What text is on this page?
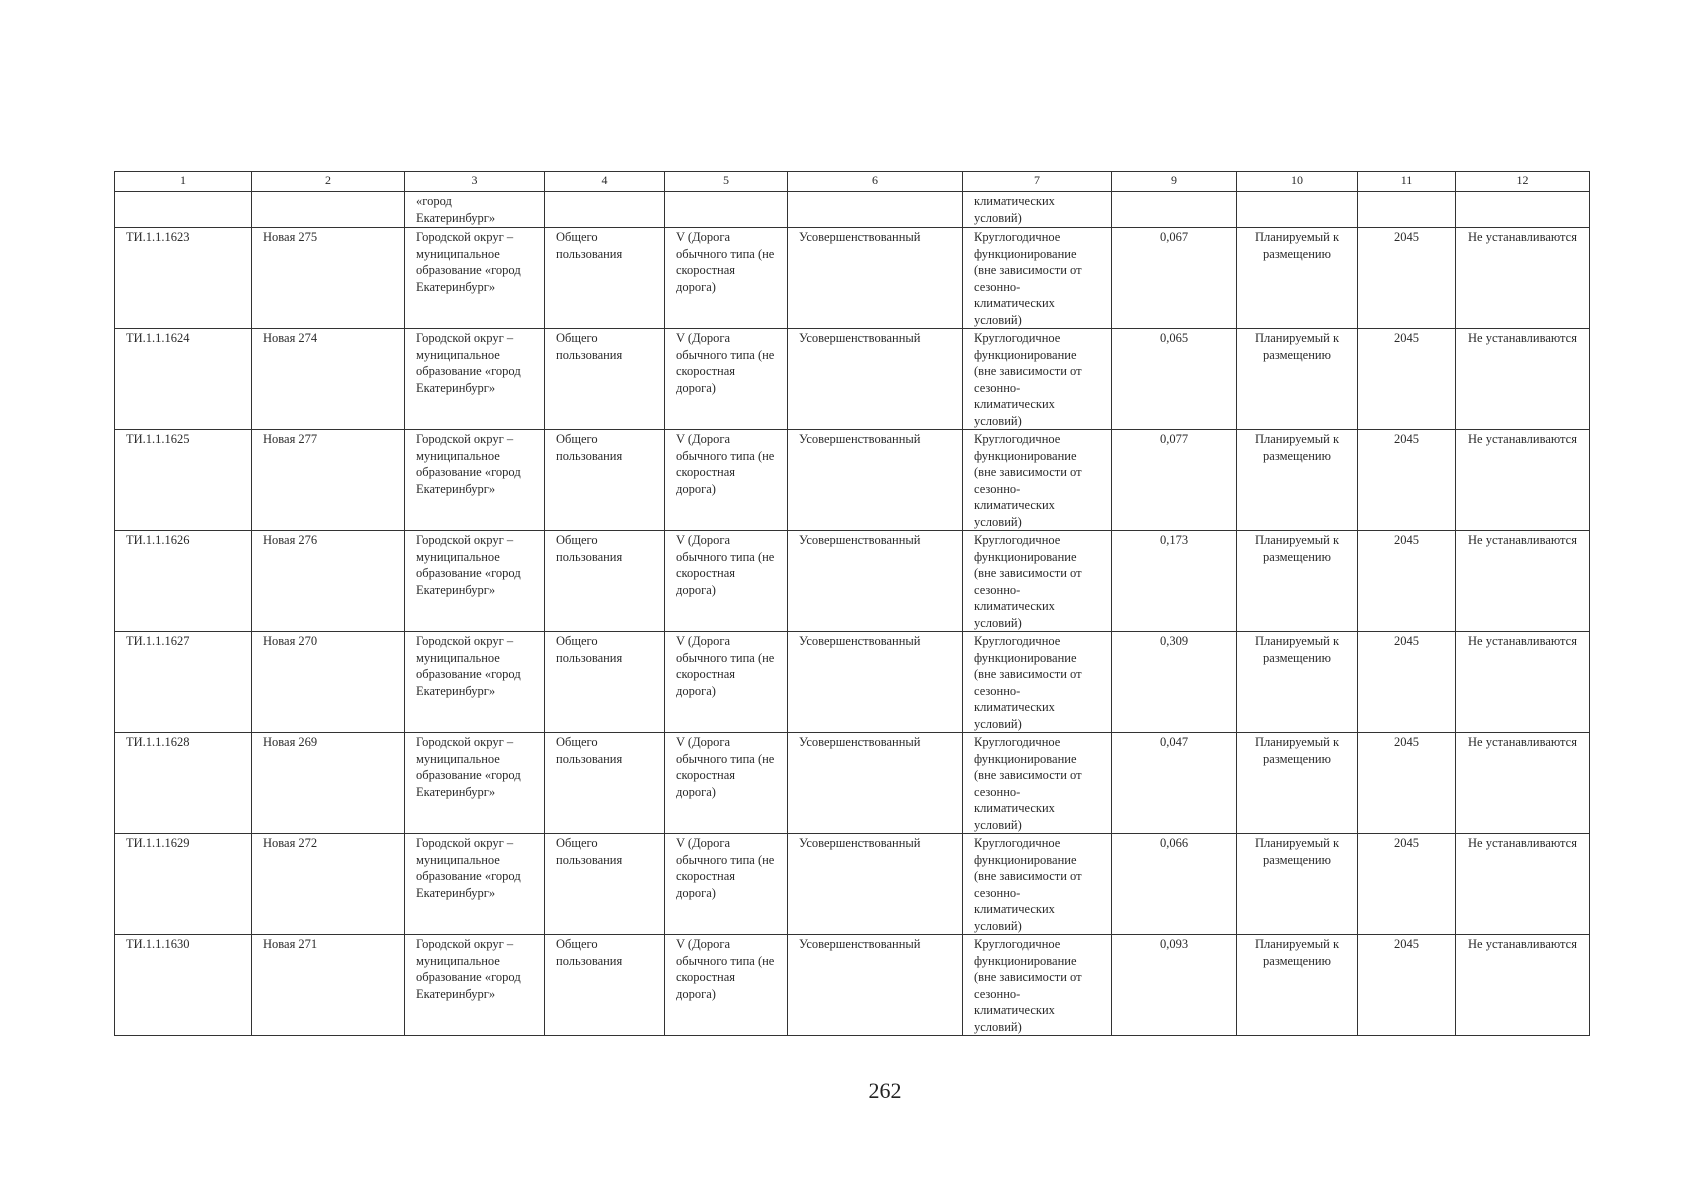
1	2	3	4	5	6	7	9	10	11	12
		«город Екатеринбург»				климатических условий)				
ТИ.1.1.1623	Новая 275	Городской округ – муниципальное образование «город Екатеринбург»	Общего пользования	V (Дорога обычного типа (не скоростная дорога)	Усовершенствованный	Круглогодичное функционирование (вне зависимости от сезонно-климатических условий)	0,067	Планируемый к размещению	2045	Не устанавливаются
ТИ.1.1.1624	Новая 274	Городской округ – муниципальное образование «город Екатеринбург»	Общего пользования	V (Дорога обычного типа (не скоростная дорога)	Усовершенствованный	Круглогодичное функционирование (вне зависимости от сезонно-климатических условий)	0,065	Планируемый к размещению	2045	Не устанавливаются
ТИ.1.1.1625	Новая 277	Городской округ – муниципальное образование «город Екатеринбург»	Общего пользования	V (Дорога обычного типа (не скоростная дорога)	Усовершенствованный	Круглогодичное функционирование (вне зависимости от сезонно-климатических условий)	0,077	Планируемый к размещению	2045	Не устанавливаются
ТИ.1.1.1626	Новая 276	Городской округ – муниципальное образование «город Екатеринбург»	Общего пользования	V (Дорога обычного типа (не скоростная дорога)	Усовершенствованный	Круглогодичное функционирование (вне зависимости от сезонно-климатических условий)	0,173	Планируемый к размещению	2045	Не устанавливаются
ТИ.1.1.1627	Новая 270	Городской округ – муниципальное образование «город Екатеринбург»	Общего пользования	V (Дорога обычного типа (не скоростная дорога)	Усовершенствованный	Круглогодичное функционирование (вне зависимости от сезонно-климатических условий)	0,309	Планируемый к размещению	2045	Не устанавливаются
ТИ.1.1.1628	Новая 269	Городской округ – муниципальное образование «город Екатеринбург»	Общего пользования	V (Дорога обычного типа (не скоростная дорога)	Усовершенствованный	Круглогодичное функционирование (вне зависимости от сезонно-климатических условий)	0,047	Планируемый к размещению	2045	Не устанавливаются
ТИ.1.1.1629	Новая 272	Городской округ – муниципальное образование «город Екатеринбург»	Общего пользования	V (Дорога обычного типа (не скоростная дорога)	Усовершенствованный	Круглогодичное функционирование (вне зависимости от сезонно-климатических условий)	0,066	Планируемый к размещению	2045	Не устанавливаются
ТИ.1.1.1630	Новая 271	Городской округ – муниципальное образование «город Екатеринбург»	Общего пользования	V (Дорога обычного типа (не скоростная дорога)	Усовершенствованный	Круглогодичное функционирование (вне зависимости от сезонно-климатических условий)	0,093	Планируемый к размещению	2045	Не устанавливаются
262
